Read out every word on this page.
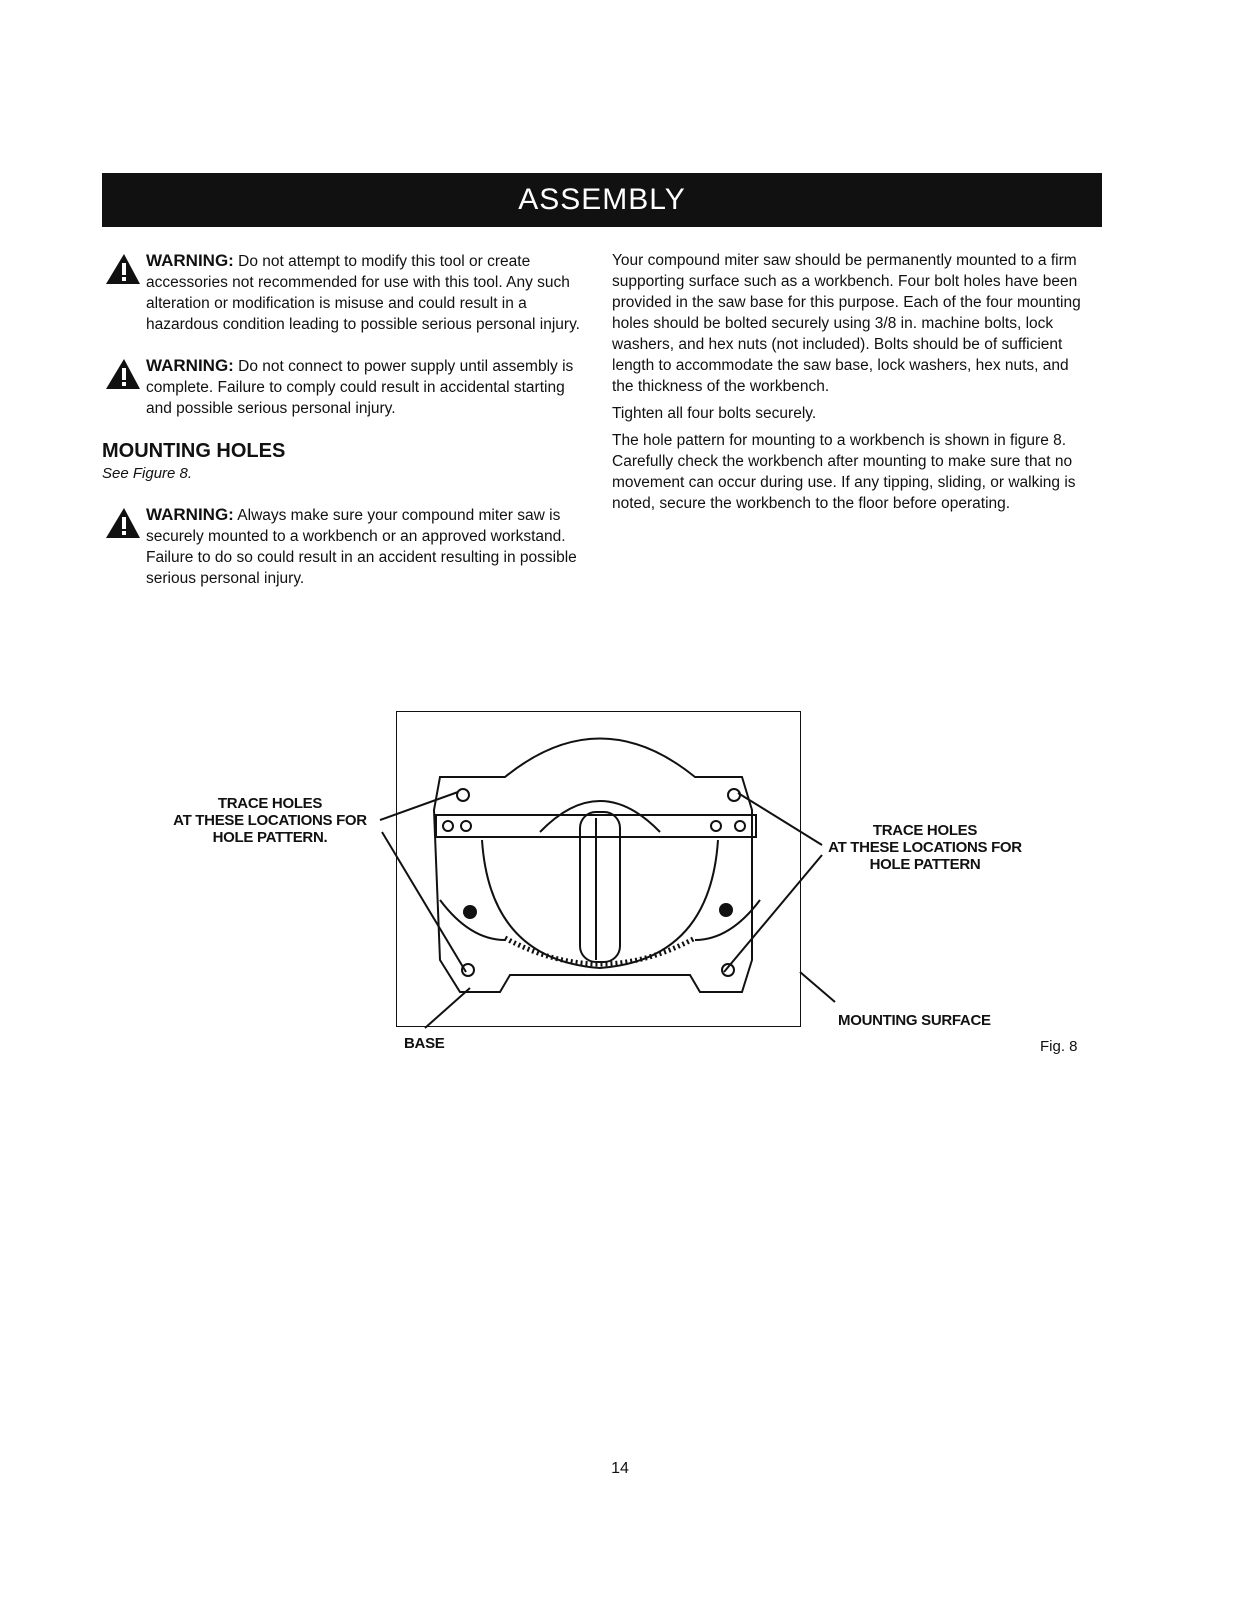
ASSEMBLY
WARNING: Do not attempt to modify this tool or create accessories not recommended for use with this tool. Any such alteration or modification is misuse and could result in a hazardous condition leading to possible serious personal injury.
WARNING: Do not connect to power supply until assembly is complete. Failure to comply could result in accidental starting and possible serious personal injury.
MOUNTING HOLES
See Figure 8.
WARNING: Always make sure your compound miter saw is securely mounted to a workbench or an approved workstand. Failure to do so could result in an accident resulting in possible serious personal injury.

Your compound miter saw should be permanently mounted to a firm supporting surface such as a workbench. Four bolt holes have been provided in the saw base for this purpose. Each of the four mounting holes should be bolted securely using 3/8 in. machine bolts, lock washers, and hex nuts (not included). Bolts should be of sufficient length to accommodate the saw base, lock washers, hex nuts, and the thickness of the workbench.

Tighten all four bolts securely.

The hole pattern for mounting to a workbench is shown in figure 8. Carefully check the workbench after mounting to make sure that no movement can occur during use. If any tipping, sliding, or walking is noted, secure the workbench to the floor before operating.

TRACE HOLES
AT THESE LOCATIONS FOR
HOLE PATTERN.	TRACE HOLES
AT THESE LOCATIONS FOR
HOLE PATTERN
MOUNTING SURFACE
BASE	Fig. 8
14
